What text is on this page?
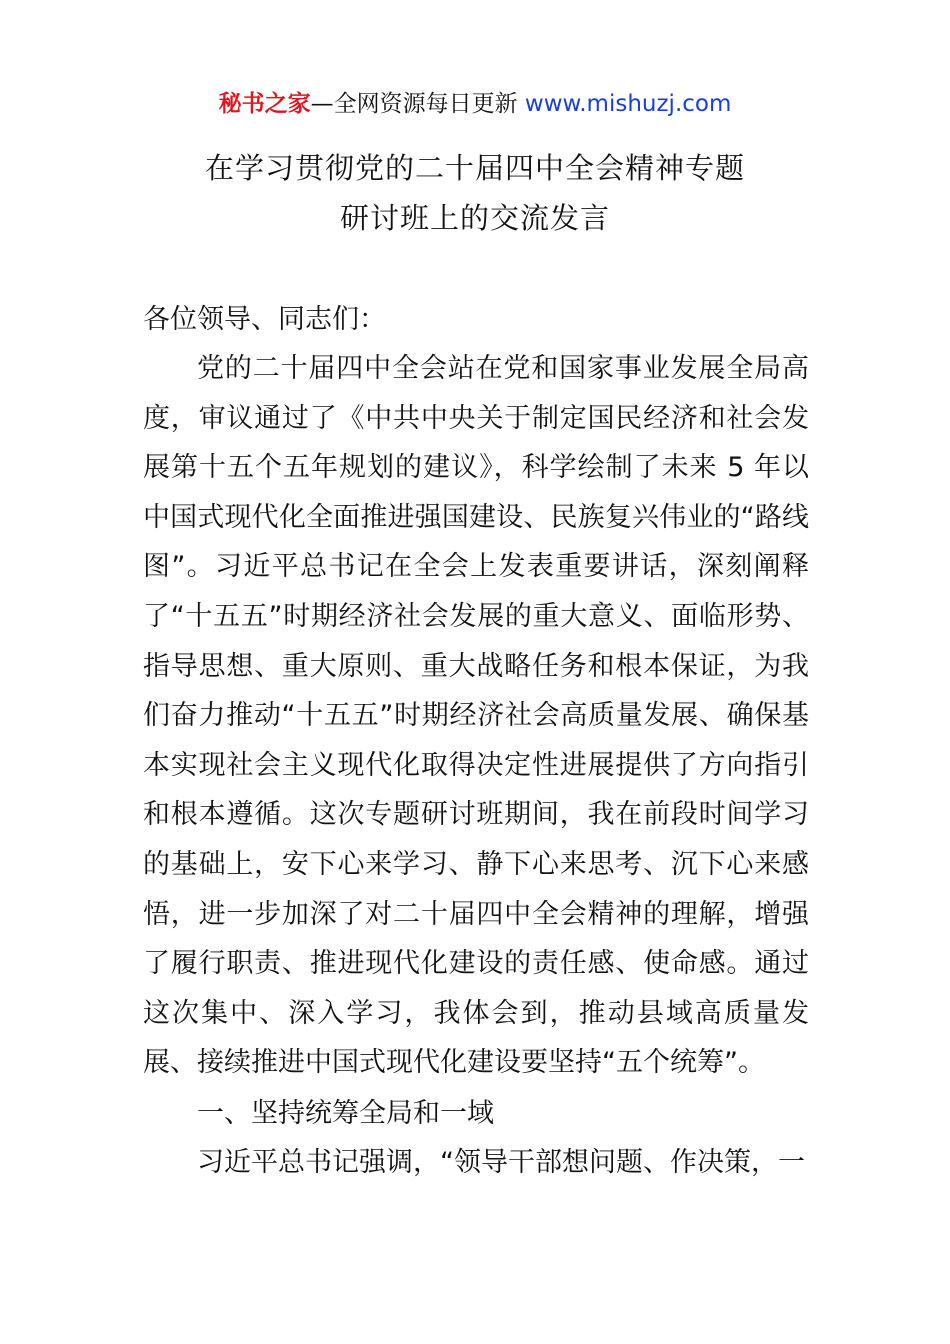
秘书之家—全网资源每日更新 www.mishuzj.com
在学习贯彻党的二十届四中全会精神专题
研讨班上的交流发言
各位领导、同志们：
党的二十届四中全会站在党和国家事业发展全局高度，审议通过了《中共中央关于制定国民经济和社会发展第十五个五年规划的建议》，科学绘制了未来 5 年以中国式现代化全面推进强国建设、民族复兴伟业的“路线图”。习近平总书记在全会上发表重要讲话，深刻阐释了“十五五”时期经济社会发展的重大意义、面临形势、指导思想、重大原则、重大战略任务和根本保证，为我们奋力推动“十五五”时期经济社会高质量发展、确保基本实现社会主义现代化取得决定性进展提供了方向指引和根本遵循。这次专题研讨班期间，我在前段时间学习的基础上，安下心来学习、静下心来思考、沉下心来感悟，进一步加深了对二十届四中全会精神的理解，增强了履行职责、推进现代化建设的责任感、使命感。通过这次集中、深入学习，我体会到，推动县域高质量发展、接续推进中国式现代化建设要坚持“五个统筹”。
一、坚持统筹全局和一域
习近平总书记强调，“领导干部想问题、作决策，一
